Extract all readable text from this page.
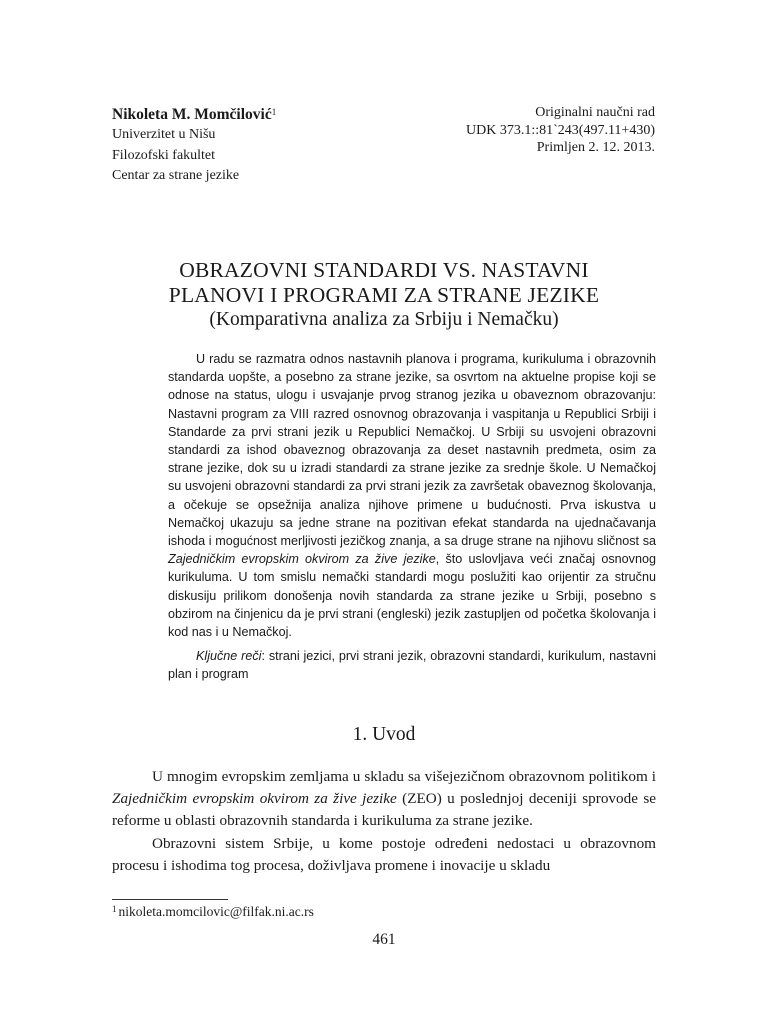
Nikoleta M. Momčilović$^1$

Univerzitet u Nišu

Filozofski fakultet

Centar za strane jezike

Originalni naučni rad

UDK 373.1::81`243(497.11+430)

Primljen 2. 12. 2013.

OBRAZOVNI STANDARDI VS. NASTAVNI

PLANOVI I PROGRAMI ZA STRANE JEZIKE

(Komparativna analiza za Srbiju i Nemačku)

U radu se razmatra odnos nastavnih planova i programa, kurikuluma i obrazovnih standarda uopšte, a posebno za strane jezike, sa osvrtom na aktuelne propise koji se odnose na status, ulogu i usvajanje prvog stranog jezika u obaveznom obrazovanju: Nastavni program za VIII razred osnovnog obrazovanja i vaspitanja u Republici Srbiji i Standarde za prvi strani jezik u Republici Nemačkoj. U Srbiji su usvojeni obrazovni standardi za ishod obaveznog obrazovanja za deset nastavnih predmeta, osim za strane jezike, dok su u izradi standardi za strane jezike za srednje škole. U Nemačkoj su usvojeni obrazovni standardi za prvi strani jezik za završetak obaveznog školovanja, a očekuje se opsežnija analiza njihove primene u budućnosti. Prva iskustva u Nemačkoj ukazuju sa jedne strane na pozitivan efekat standarda na ujednačavanja ishoda i mogućnost merljivosti jezičkog znanja, a sa druge strane na njihovu sličnost sa Zajedničkim evropskim okvirom za žive jezike, što uslovljava veći značaj osnovnog kurikuluma. U tom smislu nemački standardi mogu poslužiti kao orijentir za stručnu diskusiju prilikom donošenja novih standarda za strane jezike u Srbiji, posebno s obzirom na činjenicu da je prvi strani (engleski) jezik zastupljen od početka školovanja i kod nas i u Nemačkoj.

Ključne reči: strani jezici, prvi strani jezik, obrazovni standardi, kurikulum, nastavni plan i program

1. Uvod

U mnogim evropskim zemljama u skladu sa višejezičnom obrazovnom politikom i Zajedničkim evropskim okvirom za žive jezike (ZEO) u poslednjoj deceniji sprovode se reforme u oblasti obrazovnih standarda i kurikuluma za strane jezike.

Obrazovni sistem Srbije, u kome postoje određeni nedostaci u obrazovnom procesu i ishodima tog procesa, doživljava promene i inovacije u skladu

$^1$ nikoleta.momcilovic@filfak.ni.ac.rs

461
